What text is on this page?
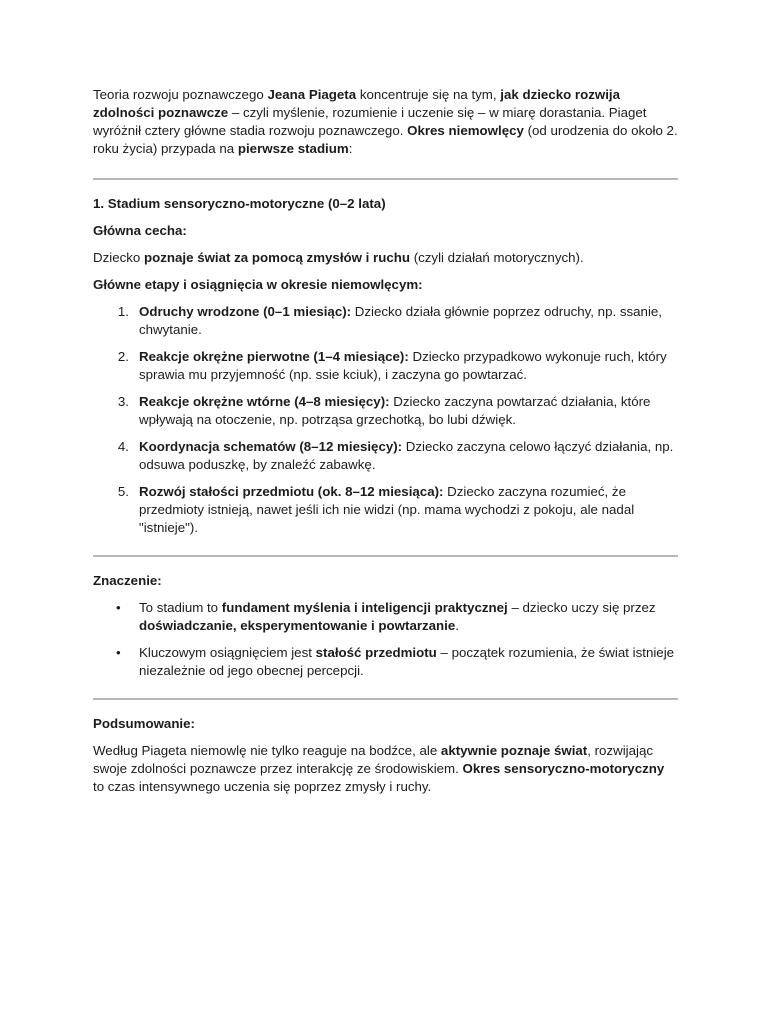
Teoria rozwoju poznawczego Jeana Piageta koncentruje się na tym, jak dziecko rozwija zdolności poznawcze – czyli myślenie, rozumienie i uczenie się – w miarę dorastania. Piaget wyróżnił cztery główne stadia rozwoju poznawczego. Okres niemowlęcy (od urodzenia do około 2. roku życia) przypada na pierwsze stadium:

1. Stadium sensoryczno-motoryczne (0–2 lata)

Główna cecha:

Dziecko poznaje świat za pomocą zmysłów i ruchu (czyli działań motorycznych).

Główne etapy i osiągnięcia w okresie niemowlęcym:

1. Odruchy wrodzone (0–1 miesiąc): Dziecko działa głównie poprzez odruchy, np. ssanie, chwytanie.
2. Reakcje okrężne pierwotne (1–4 miesiące): Dziecko przypadkowo wykonuje ruch, który sprawia mu przyjemność (np. ssie kciuk), i zaczyna go powtarzać.
3. Reakcje okrężne wtórne (4–8 miesięcy): Dziecko zaczyna powtarzać działania, które wpływają na otoczenie, np. potrząsa grzechotką, bo lubi dźwięk.
4. Koordynacja schematów (8–12 miesięcy): Dziecko zaczyna celowo łączyć działania, np. odsuwa poduszkę, by znaleźć zabawkę.
5. Rozwój stałości przedmiotu (ok. 8–12 miesiąca): Dziecko zaczyna rozumieć, że przedmioty istnieją, nawet jeśli ich nie widzi (np. mama wychodzi z pokoju, ale nadal "istnieje").

Znaczenie:

•	To stadium to fundament myślenia i inteligencji praktycznej – dziecko uczy się przez doświadczanie, eksperymentowanie i powtarzanie.
•	Kluczowym osiągnięciem jest stałość przedmiotu – początek rozumienia, że świat istnieje niezależnie od jego obecnej percepcji.

Podsumowanie:

Według Piageta niemowlę nie tylko reaguje na bodźce, ale aktywnie poznaje świat, rozwijając swoje zdolności poznawcze przez interakcję ze środowiskiem. Okres sensoryczno-motoryczny to czas intensywnego uczenia się poprzez zmysły i ruchy.
